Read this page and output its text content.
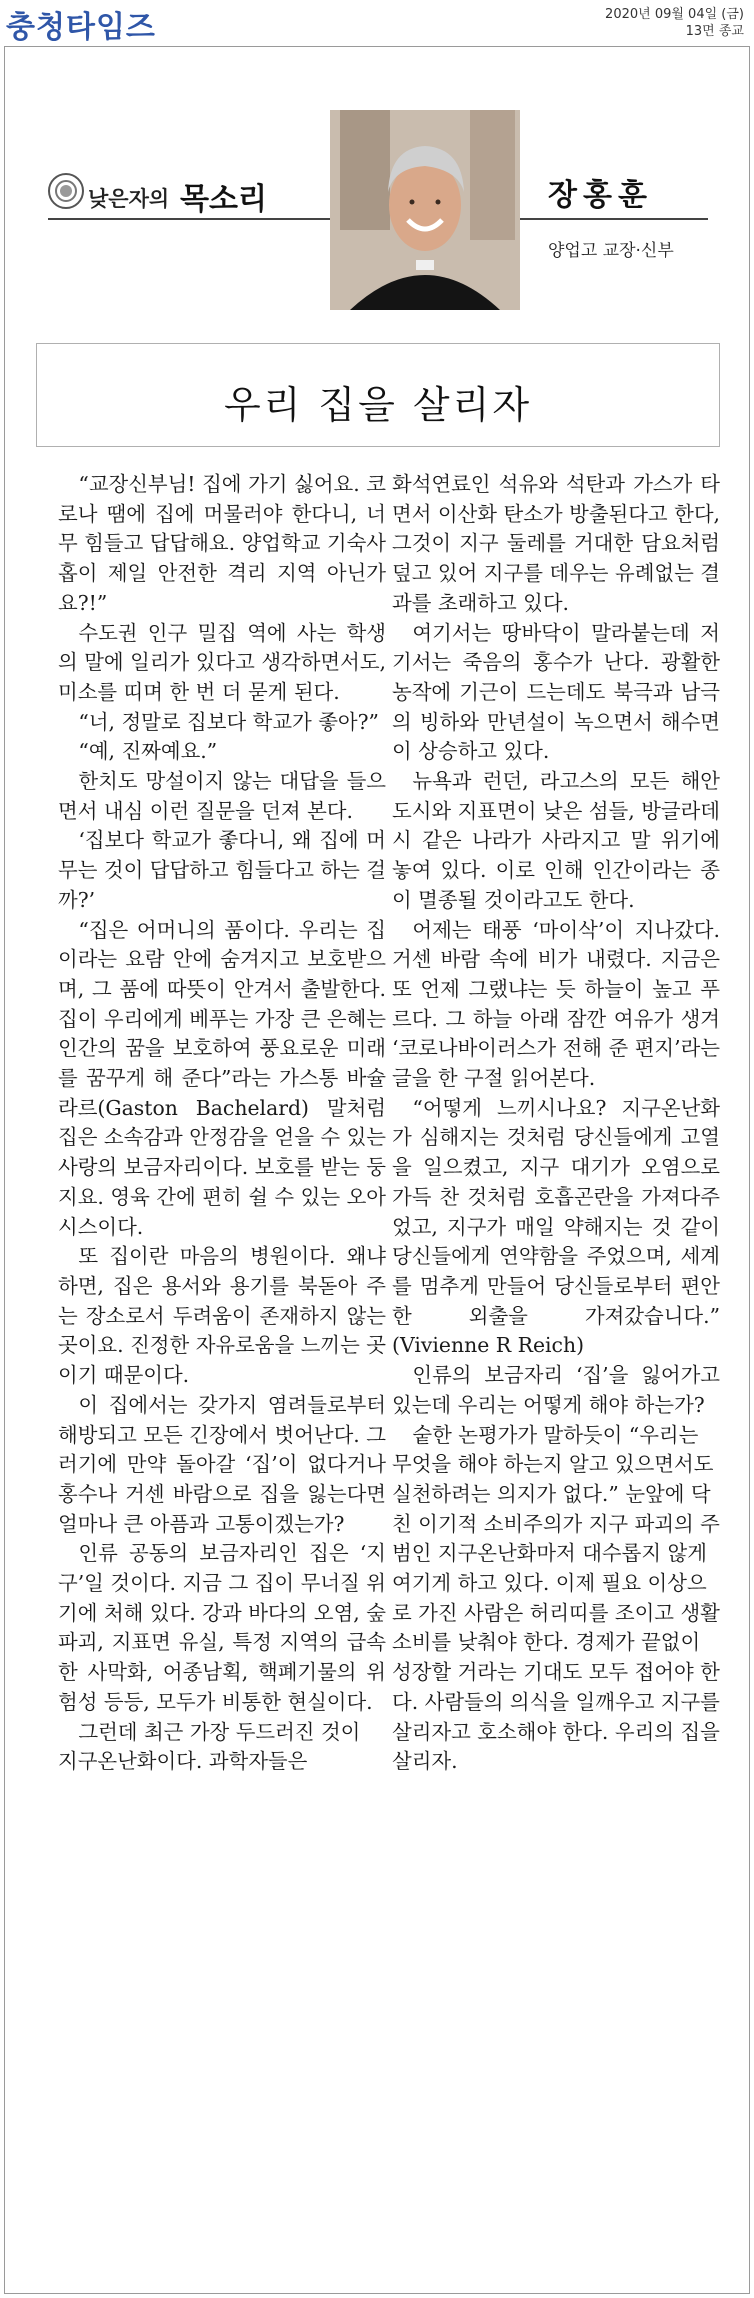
충청타임즈	2020년 09월 04일 (금)
13면 종교
낮은자의 목소리	장홍훈
양업고 교장·신부
우리 집을 살리자

“교장신부님! 집에 가기 싫어요. 코로나 땜에 집에 머물러야 한다니, 너무 힘들고 답답해요. 양업학교 기숙사 홉이 제일 안전한 격리 지역 아닌가요?!”

수도권 인구 밀집 역에 사는 학생의 말에 일리가 있다고 생각하면서도, 미소를 띠며 한 번 더 묻게 된다.

“너, 정말로 집보다 학교가 좋아?”

“예, 진짜예요.”

한치도 망설이지 않는 대답을 들으면서 내심 이런 질문을 던져 본다.

‘집보다 학교가 좋다니, 왜 집에 머무는 것이 답답하고 힘들다고 하는 걸까?’

“집은 어머니의 품이다. 우리는 집이라는 요람 안에 숨겨지고 보호받으며, 그 품에 따뜻이 안겨서 출발한다. 집이 우리에게 베푸는 가장 큰 은혜는 인간의 꿈을 보호하여 풍요로운 미래를 꿈꾸게 해 준다”라는 가스통 바슐라르(Gaston Bachelard) 말처럼 집은 소속감과 안정감을 얻을 수 있는 사랑의 보금자리이다. 보호를 받는 둥지요. 영육 간에 편히 쉴 수 있는 오아시스이다.

또 집이란 마음의 병원이다. 왜냐하면, 집은 용서와 용기를 북돋아 주는 장소로서 두려움이 존재하지 않는 곳이요. 진정한 자유로움을 느끼는 곳이기 때문이다.

이 집에서는 갖가지 염려들로부터 해방되고 모든 긴장에서 벗어난다. 그러기에 만약 돌아갈 ‘집’이 없다거나 홍수나 거센 바람으로 집을 잃는다면 얼마나 큰 아픔과 고통이겠는가?

인류 공동의 보금자리인 집은 ‘지구’일 것이다. 지금 그 집이 무너질 위기에 처해 있다. 강과 바다의 오염, 숲 파괴, 지표면 유실, 특정 지역의 급속한 사막화, 어종남획, 핵폐기물의 위험성 등등, 모두가 비통한 현실이다.

그런데 최근 가장 두드러진 것이 지구온난화이다. 과학자들은

화석연료인 석유와 석탄과 가스가 타면서 이산화 탄소가 방출된다고 한다, 그것이 지구 둘레를 거대한 담요처럼 덮고 있어 지구를 데우는 유례없는 결과를 초래하고 있다.

여기서는 땅바닥이 말라붙는데 저기서는 죽음의 홍수가 난다. 광활한 농작에 기근이 드는데도 북극과 남극의 빙하와 만년설이 녹으면서 해수면이 상승하고 있다.

뉴욕과 런던, 라고스의 모든 해안 도시와 지표면이 낮은 섬들, 방글라데시 같은 나라가 사라지고 말 위기에 놓여 있다. 이로 인해 인간이라는 종이 멸종될 것이라고도 한다.

어제는 태풍 ‘마이삭’이 지나갔다. 거센 바람 속에 비가 내렸다. 지금은 또 언제 그랬냐는 듯 하늘이 높고 푸르다. 그 하늘 아래 잠깐 여유가 생겨 ‘코로나바이러스가 전해 준 편지’라는 글을 한 구절 읽어본다.

“어떻게 느끼시나요? 지구온난화가 심해지는 것처럼 당신들에게 고열을 일으켰고, 지구 대기가 오염으로 가득 찬 것처럼 호흡곤란을 가져다주었고, 지구가 매일 약해지는 것 같이 당신들에게 연약함을 주었으며, 세계를 멈추게 만들어 당신들로부터 편안한 외출을 가져갔습니다.” (Vivienne R Reich)

인류의 보금자리 ‘집’을 잃어가고 있는데 우리는 어떻게 해야 하는가?

숱한 논평가가 말하듯이 “우리는 무엇을 해야 하는지 알고 있으면서도 실천하려는 의지가 없다.” 눈앞에 닥친 이기적 소비주의가 지구 파괴의 주범인 지구온난화마저 대수롭지 않게 여기게 하고 있다. 이제 필요 이상으로 가진 사람은 허리띠를 조이고 생활 소비를 낮춰야 한다. 경제가 끝없이 성장할 거라는 기대도 모두 접어야 한다. 사람들의 의식을 일깨우고 지구를 살리자고 호소해야 한다. 우리의 집을 살리자.
